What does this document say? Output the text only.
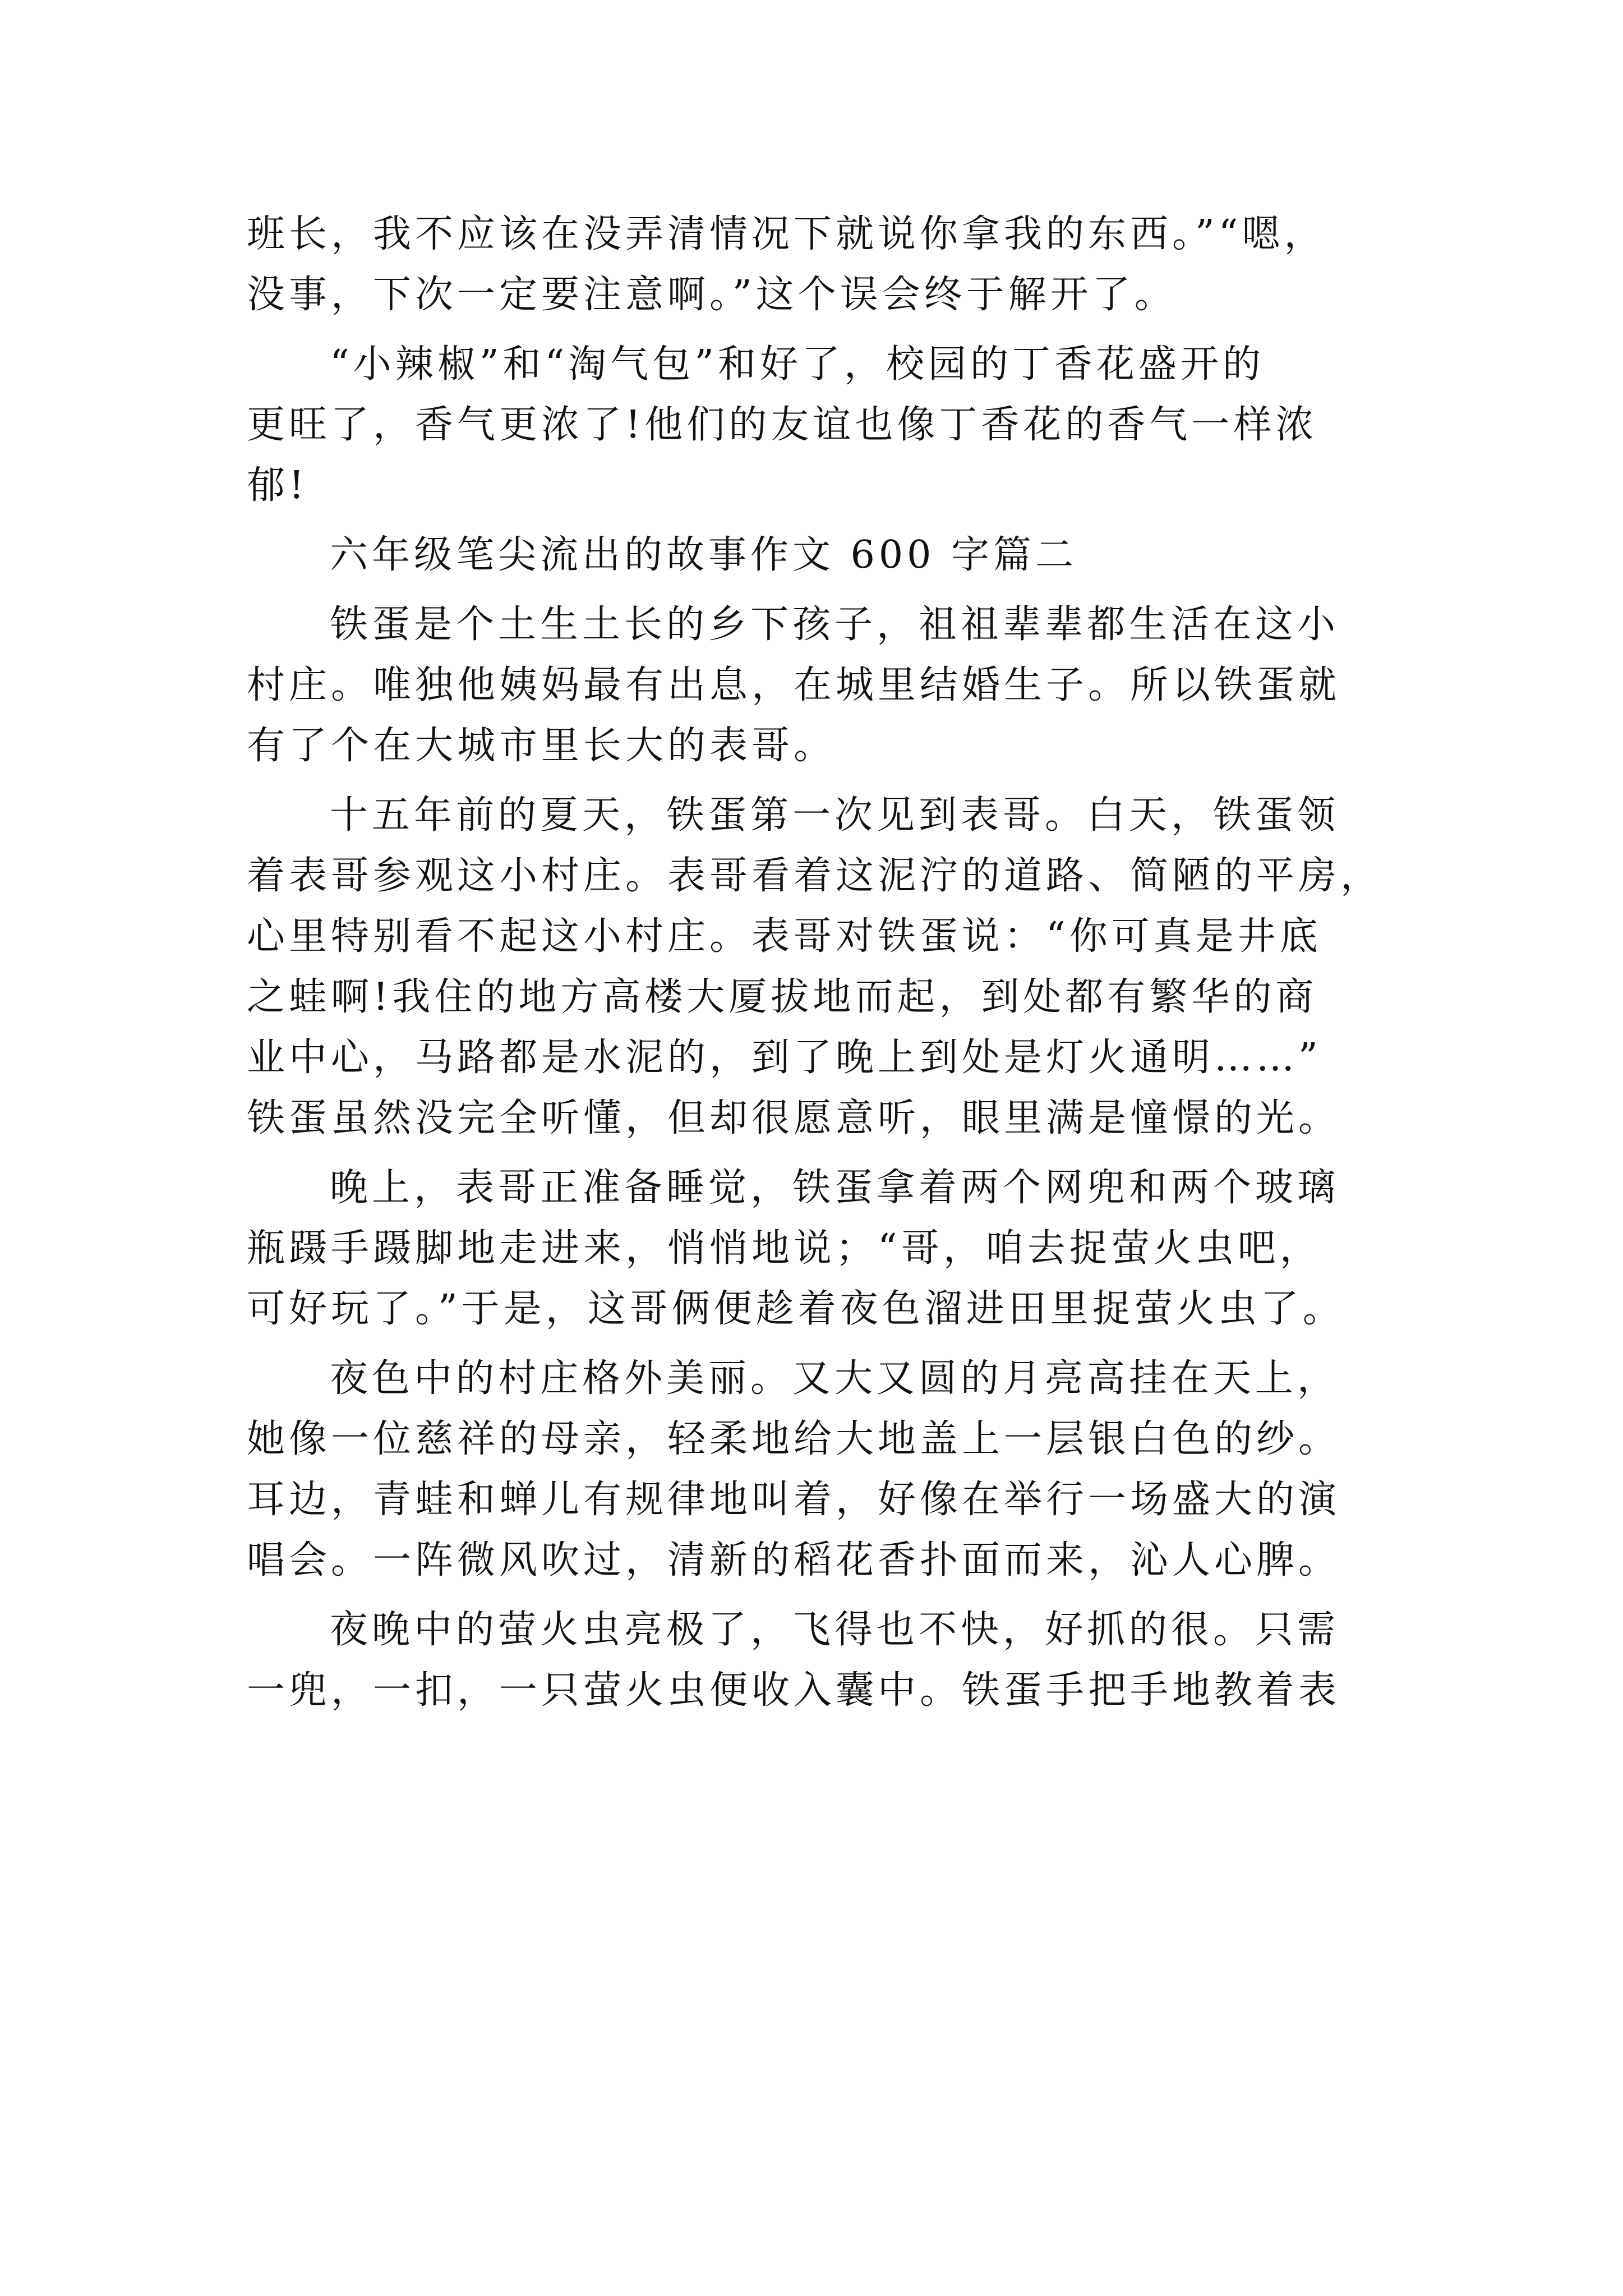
班长，我不应该在没弄清情况下就说你拿我的东西。”“嗯，
没事，下次一定要注意啊。”这个误会终于解开了。
“小辣椒”和“淘气包”和好了，校园的丁香花盛开的
更旺了，香气更浓了!他们的友谊也像丁香花的香气一样浓
郁!
六年级笔尖流出的故事作文 600 字篇二
铁蛋是个土生土长的乡下孩子，祖祖辈辈都生活在这小
村庄。唯独他姨妈最有出息，在城里结婚生子。所以铁蛋就
有了个在大城市里长大的表哥。
十五年前的夏天，铁蛋第一次见到表哥。白天，铁蛋领
着表哥参观这小村庄。表哥看着这泥泞的道路、简陋的平房，
心里特别看不起这小村庄。表哥对铁蛋说：“你可真是井底
之蛙啊!我住的地方高楼大厦拔地而起，到处都有繁华的商
业中心，马路都是水泥的，到了晚上到处是灯火通明……”
铁蛋虽然没完全听懂，但却很愿意听，眼里满是憧憬的光。
晚上，表哥正准备睡觉，铁蛋拿着两个网兜和两个玻璃
瓶蹑手蹑脚地走进来，悄悄地说；“哥，咱去捉萤火虫吧，
可好玩了。”于是，这哥俩便趁着夜色溜进田里捉萤火虫了。
夜色中的村庄格外美丽。又大又圆的月亮高挂在天上，
她像一位慈祥的母亲，轻柔地给大地盖上一层银白色的纱。
耳边，青蛙和蝉儿有规律地叫着，好像在举行一场盛大的演
唱会。一阵微风吹过，清新的稻花香扑面而来，沁人心脾。
夜晚中的萤火虫亮极了，飞得也不快，好抓的很。只需
一兜，一扣，一只萤火虫便收入囊中。铁蛋手把手地教着表
